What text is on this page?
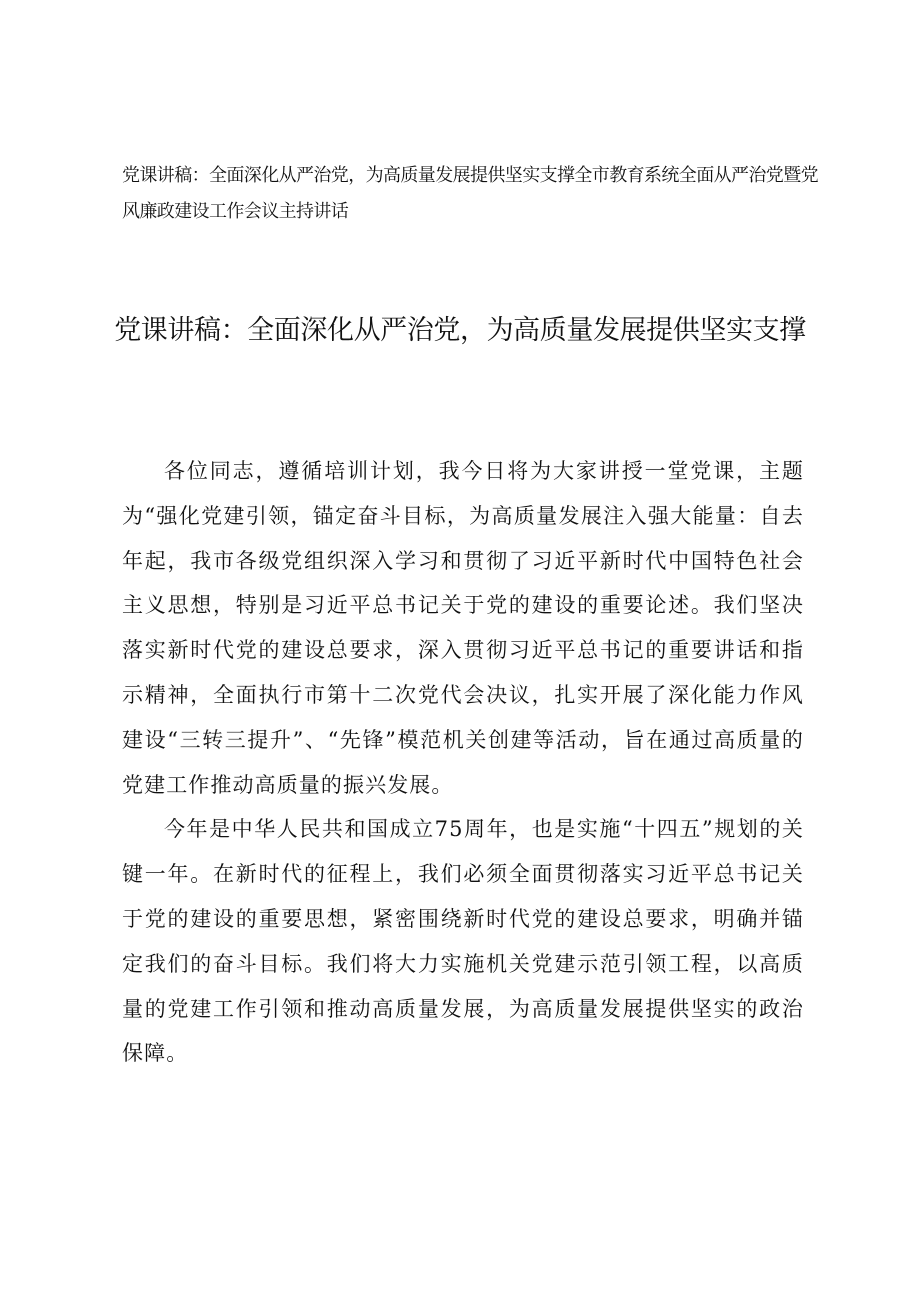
党课讲稿：全面深化从严治党，为高质量发展提供坚实支撑全市教育系统全面从严治党暨党风廉政建设工作会议主持讲话
党课讲稿：全面深化从严治党，为高质量发展提供坚实支撑

各位同志，遵循培训计划，我今日将为大家讲授一堂党课，主题为“强化党建引领，锚定奋斗目标，为高质量发展注入强大能量：自去年起，我市各级党组织深入学习和贯彻了习近平新时代中国特色社会主义思想，特别是习近平总书记关于党的建设的重要论述。我们坚决落实新时代党的建设总要求，深入贯彻习近平总书记的重要讲话和指示精神，全面执行市第十二次党代会决议，扎实开展了深化能力作风建设“三转三提升”、“先锋”模范机关创建等活动，旨在通过高质量的党建工作推动高质量的振兴发展。

今年是中华人民共和国成立75周年，也是实施“十四五”规划的关键一年。在新时代的征程上，我们必须全面贯彻落实习近平总书记关于党的建设的重要思想，紧密围绕新时代党的建设总要求，明确并锚定我们的奋斗目标。我们将大力实施机关党建示范引领工程，以高质量的党建工作引领和推动高质量发展，为高质量发展提供坚实的政治保障。
